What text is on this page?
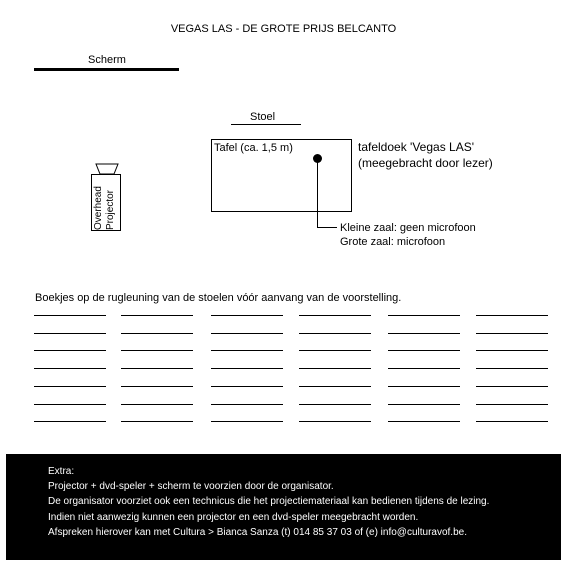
VEGAS LAS - DE GROTE PRIJS BELCANTO
Scherm
Stoel
Tafel (ca. 1,5 m)	tafeldoek 'Vegas LAS'
(meegebracht door lezer)
Kleine zaal: geen microfoon
Grote zaal: microfoon
Overhead Projector
Boekjes op de rugleuning van de stoelen vóór aanvang van de voorstelling.
Extra:
Projector + dvd-speler + scherm te voorzien door de organisator.
De organisator voorziet ook een technicus die het projectiemateriaal kan bedienen tijdens de lezing.
Indien niet aanwezig kunnen een projector en een dvd-speler meegebracht worden.
Afspreken hierover kan met Cultura > Bianca Sanza (t) 014 85 37 03 of (e) info@culturavof.be.
